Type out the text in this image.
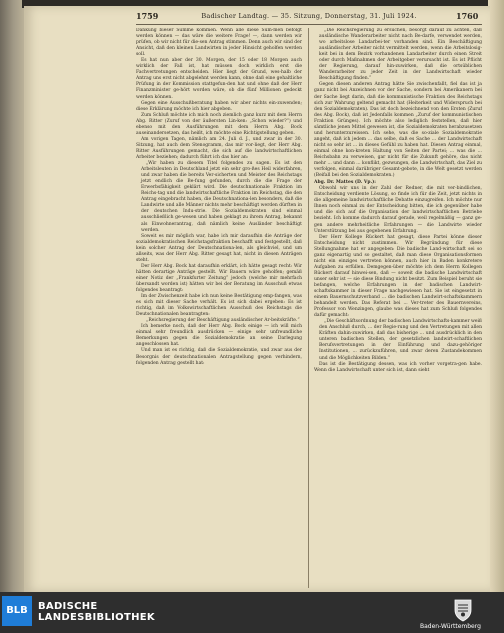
1759	Badischer Landtag. — 35. Sitzung, Donnerstag, 31. Juli 1924.	1760

Dankung bieser Summe kommen. Wenn alle diese Sum-men befolgt werden können — das wäre die weitere Frage! —, dann werden wir prüfen, ob wir nicht für die-sen Antrag stimmen. Denn auch wir sind der Ansicht, daß den kleinen Landwirten in jeder Hinsicht geholfen werden soll.

Es hat nun aber der 30. Morgen, der 15 oder 18 Morgen auch wirklich der Fall ist, hat müssen doch wirklich erst die Fachvertretungen entscheiden. Hier liegt der Grund, wes-halb der Antrag uns erst nicht abgelehnt werden kann, ohne daß eine gehaltliche Prüfung in der Kommission stattgefun-den hat und ohne daß der Herr Finanzminister ge-hört worden wäre, ob die fünf Millionen gedeckt werden können.

Gegen eine Ausschußberatung haben wir aber nichts ein-zuwenden; diese Erklärung möchte ich hier abgeben.

Zum Schluß möchte ich mich noch ziemlich ganz kurz mit dem Herrn Abg. Ritter (Zuruf von der äußersten Lin-ken: „Schon wieder?“) und ebenso mit den Ausführungen mit dem Herrn Abg. Bock auseinandersetzen, das heißt, ich möchte eine Richtigstellung geben.

Am vorigen Tagen, nämlich am 24. Juli d. J., und zwar in der 30. Sitzung, hat auch dem Stenogramm, das mir vor-liegt, der Herr Abg. Ritter Ausführungen gemacht, die sich auf die landwirtschaftlichen Arbeiter beziehen; dadurch führt ich das hier an:

„Wir haben zu diesem Titel folgendes zu sagen. Es ist den Arbeitsleuten in Deutschland jetzt ein sehr gro-ßes Heil widerfahren, und zwar haben die bereits Ver-sicherten und Meister des Reichstags jetzt endlich die Be-fung gefunden, durch die die Frage der Erwerbsfähigkeit geklärt wird. Die deutschnationale Fraktion im Reichs-tag und die landwirtschaftliche Fraktion im Reichstag, die den Antrag eingebracht haben, die Deutschnationa-len besonders, daß die Landwirte und alle Männer nichts mehr beschäftigt werden dürften in der deutschen Indu-strie. Die Sozialdemokraten sind einmal ausschließlich ge-wesen und haben geklagt zu ihrem Antrag, bekannt als Einwohnerantrag, daß nämlich keine Ausländer beschäftigt werden.

Soweit es mir möglich war, habe ich mir daraufhin die Anträge der sozialdemokratischen Reichstagsfraktion beschafft und festgestellt, daß kein solcher Antrag der Deutschnationa-len, als gleichviel, und um allseits, was der Herr Abg. Ritter gesagt hat, nicht in diesen Anträgen steht.

Der Herr Abg. Bock hat daraufhin erklärt, ich hätte gesagt recht: Wir hätten derartige Anträge gestellt. Wir Bauern wäre geholfen; gemäß einer Notiz der „Frankfurter Zeitung“ jedoch (welche mir mehrfach übersandt worden ist) hätten wir bei der Beratung im Ausschuß etwas folgendes beantragt:

Im der Zwischenzeit habe ich nun keine Bestätigung emp-fangen, was es sich mit dieser Sache verhält. Es ist sich dabei ergeben: Es ist richtig, daß im Volkswirtschaftlichen Ausschuß des Reichstags die Deutschnationalen beantragten:

„Reichsregierung der Beschäftigung ausländischer Ar-beitskräfte.“

Ich bemerke noch, daß der Herr Abg. Bock einige — ich will mich einmal sehr freundlich ausdrücken — einige sehr unfreundliche Bemerkungen gegen die Sozialdemokratie an seine Darlegung angeschlossen hat.

Und man ist es richtig, daß die Sozialdemokratie, und zwar aus der Besorgnis der deutschnationalen Antragstellung gegen verhindern, folgenden Antrag gestellt hat:

„Die Reichsregierung zu ersuchen, besorgt darauf zu achten, daß ausländische Wanderarbeiter nicht nach Be-darfe, verwendet werden, wo arbeitslose Landarbei-ter vorhanden sind. Ein Beschäftigung ausländischer Arbeiter nicht vermittelt werden, wenn die Arbeitslosig-keit bei in dem Bezirk vorhandenen Landarbeiter durch einen Streit oder durch Maßnahmen der Arbeitgeber verursacht ist. Es ist Pflicht der Regierung, darauf hin-zuwirken, daß die ortsüblichen Wanderarbeiter zu jeder Zeit in der Landwirtschaft wieder Beschäftigung finden.“

Gegen diesen anderen Antrag hätte Sie zwischenfallt, fiel das ist ja ganz nicht bei Anzeichnen vor der Sache, sondern bei Amerikanern bei der Sache liegt darin, daß die kommunistische Fraktion des Reichstags sich zur Wahrung geltend gemacht hat (Heiterkeit und Widerspruch bei den Sozialdemokraten). Das ist doch bezeichnend von den Ersten (Zuruf des Abg. Bock), daß ist Jedenfalls kommen „Zuruf der kommunistischen Fraktion Grünges). Ich möchte also lediglich feststellen, daß hier sämtliche jenen Mittel gewesen ist, die Sozialdemokraten herabzusetzen und herunterzureissen. Ich sehe, was die so-ziale Sozialdemokratie angeht, daß ich jedem ... das selbe, daß es Sache ... der Landwirtschaft nicht so sehr ist ... in dieses Gefühl zu haben hat. Diesen Antrag einmal, einmal ohne kon-kreten Haltung von Seiten der Partei; ... was die ... Reichsbahn zu verweisen, gar nicht für die Zukunft gehöre, das nicht mehr ... und dann ... konflikt, gezwungen, die Landwirtschaft, das Ziel zu verfolgen, einmal darübriger Gesamt-gebote, in die Welt gesetzt werden (Beifall bei den Sozialdemokraten.)

Abg. Dr. Mattes (D. Vp.):

Obwohl wir uns in der Zahl der Redner, die mit ver-bindlichen, Entscheidung verdiente Lösung, so finde ich für die Zeit, jetzt nichts in die allgemeine landwirtschaftliche Debatte einzugreifen. Ich möchte nur Ihnen noch einmal zu der Entscheidung bitten, die ich gegenüber habe und die sich auf die Organisation der landwirtschaftlichen Betriebe bezieht. Ich komme dadurch darauf gerade, weil regelmäßig — ganz ge-gen andere mehrheitliche Erfahrungen — die Landwirte wieder Unterstützung bei aus gegebenen Erfahrung.

Der Herr Kollege Rückert hat gesagt, diese Partei könne dieser Entscheidung nicht zustimmen. Wir Begründung für diese Stellungnahme hat er angegeben: Die badische Land-wirtschaft sei so ganz eigenartig und so gestaltet, daß man diese Organisationsformen nicht ein einziges vertreten können, auch hier in Baden konkretere Aufgaben zu erfüllen. Demgegen-über möchte ich dem Herrn Kollegen Rückert darauf hinwei-sen, daß — soweit die badische Landwirtschaft unser sehr ist — sie diese Bindung nicht besitzt. Zum Beispiel beruht sie befangen, welche Erfahrungen in der badischen Landwirt-schaftskammer in dieser Frage nachgewiesen hat. Sie ist eingesetzt in einem Bauernschutzverband ... die badischen Landwirt-schaftskammern behandelt werden. Das Referat bei ... Ver-treter des Bauernvereins, Professor von Wenzingen, glaube was dieses hat zum Schluß folgendes dafür gemacht:

„Die Geschäftsordnung der badischen Landwirtschafts-kammer weiß den Anschluß durch, ... der Regie-rung und den Vertretungen mit allen Kräften dahin-zuwirken, daß das bisherige ... und ausdrücklich in den unteren badischen Stellen, der gesetzlichen landwirt-schaftlichen Berufsvertretungen in der Einführung und dazu-gehöriger Institutionen, ... zurückzuführen, und zwar deren Zustandekommen und die Möglichkeiten Bilden.“

Das ist die Bestätigung dessen, was ich vorher vorgetra-gen habe. Wenn die Landwirtschaft unter sich ist, dann sieht

BLB	BADISCHE
LANDESBIBLIOTHEK
Baden-Württemberg
